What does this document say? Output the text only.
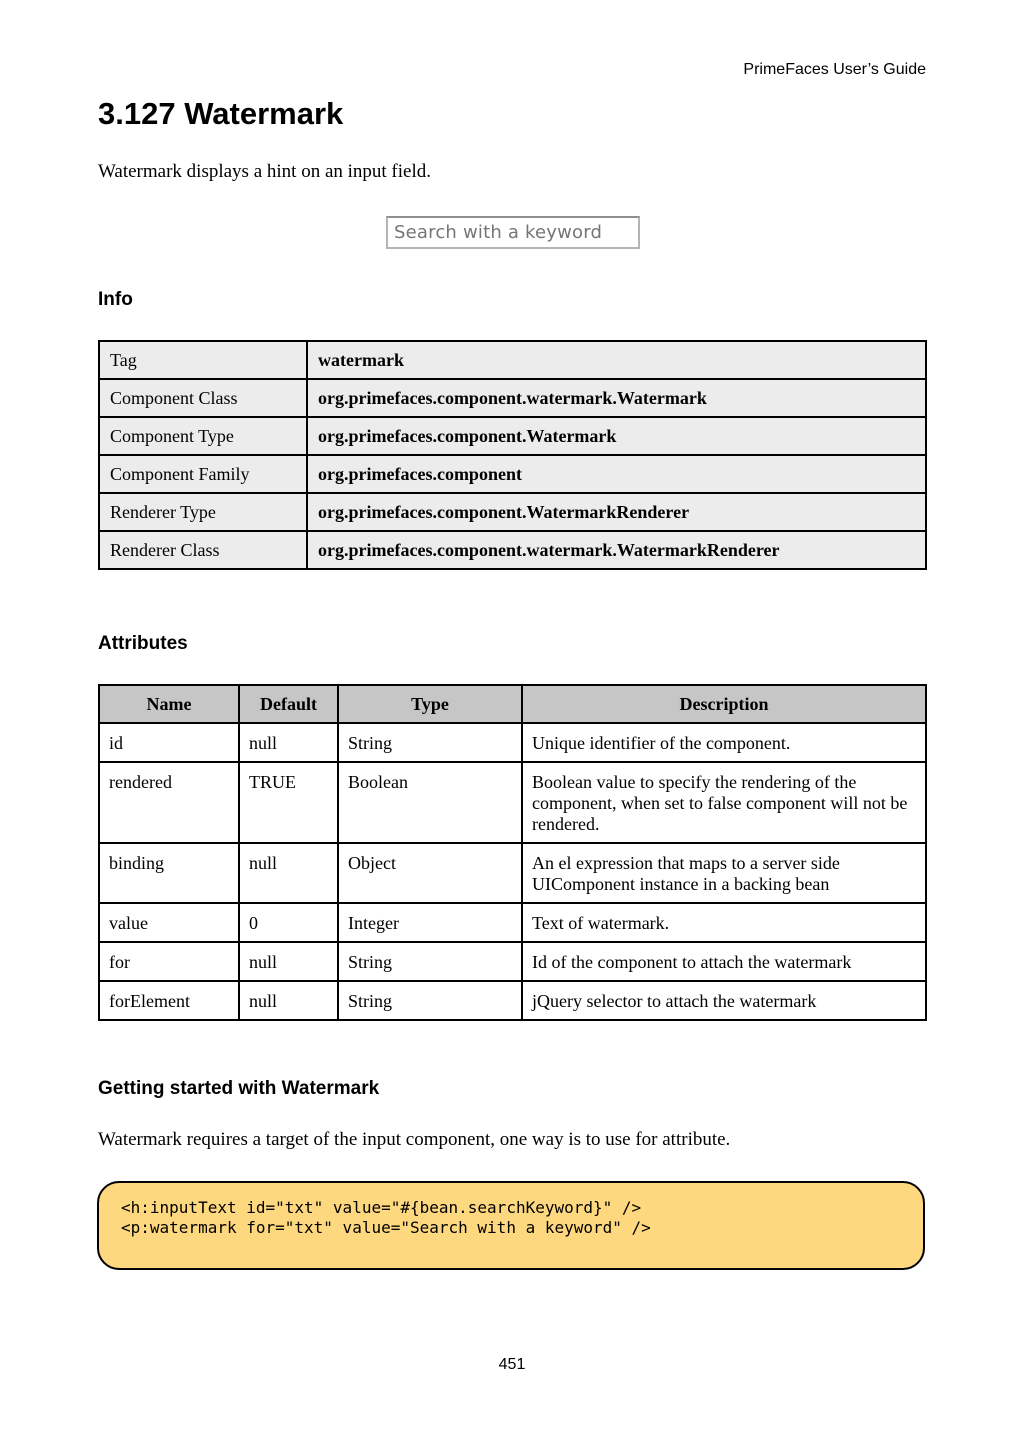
PrimeFaces User’s Guide
3.127 Watermark
Watermark displays a hint on an input field.
Search with a keyword
Info
Tag	watermark
Component Class	org.primefaces.component.watermark.Watermark
Component Type	org.primefaces.component.Watermark
Component Family	org.primefaces.component
Renderer Type	org.primefaces.component.WatermarkRenderer
Renderer Class	org.primefaces.component.watermark.WatermarkRenderer
Attributes
Name	Default	Type	Description
id	null	String	Unique identifier of the component.
rendered	TRUE	Boolean	Boolean value to specify the rendering of the component, when set to false component will not be rendered.
binding	null	Object	An el expression that maps to a server side UIComponent instance in a backing bean
value	0	Integer	Text of watermark.
for	null	String	Id of the component to attach the watermark
forElement	null	String	jQuery selector to attach the watermark
Getting started with Watermark
Watermark requires a target of the input component, one way is to use for attribute.
<h:inputText id="txt" value="#{bean.searchKeyword}" />
<p:watermark for="txt" value="Search with a keyword" />
451
